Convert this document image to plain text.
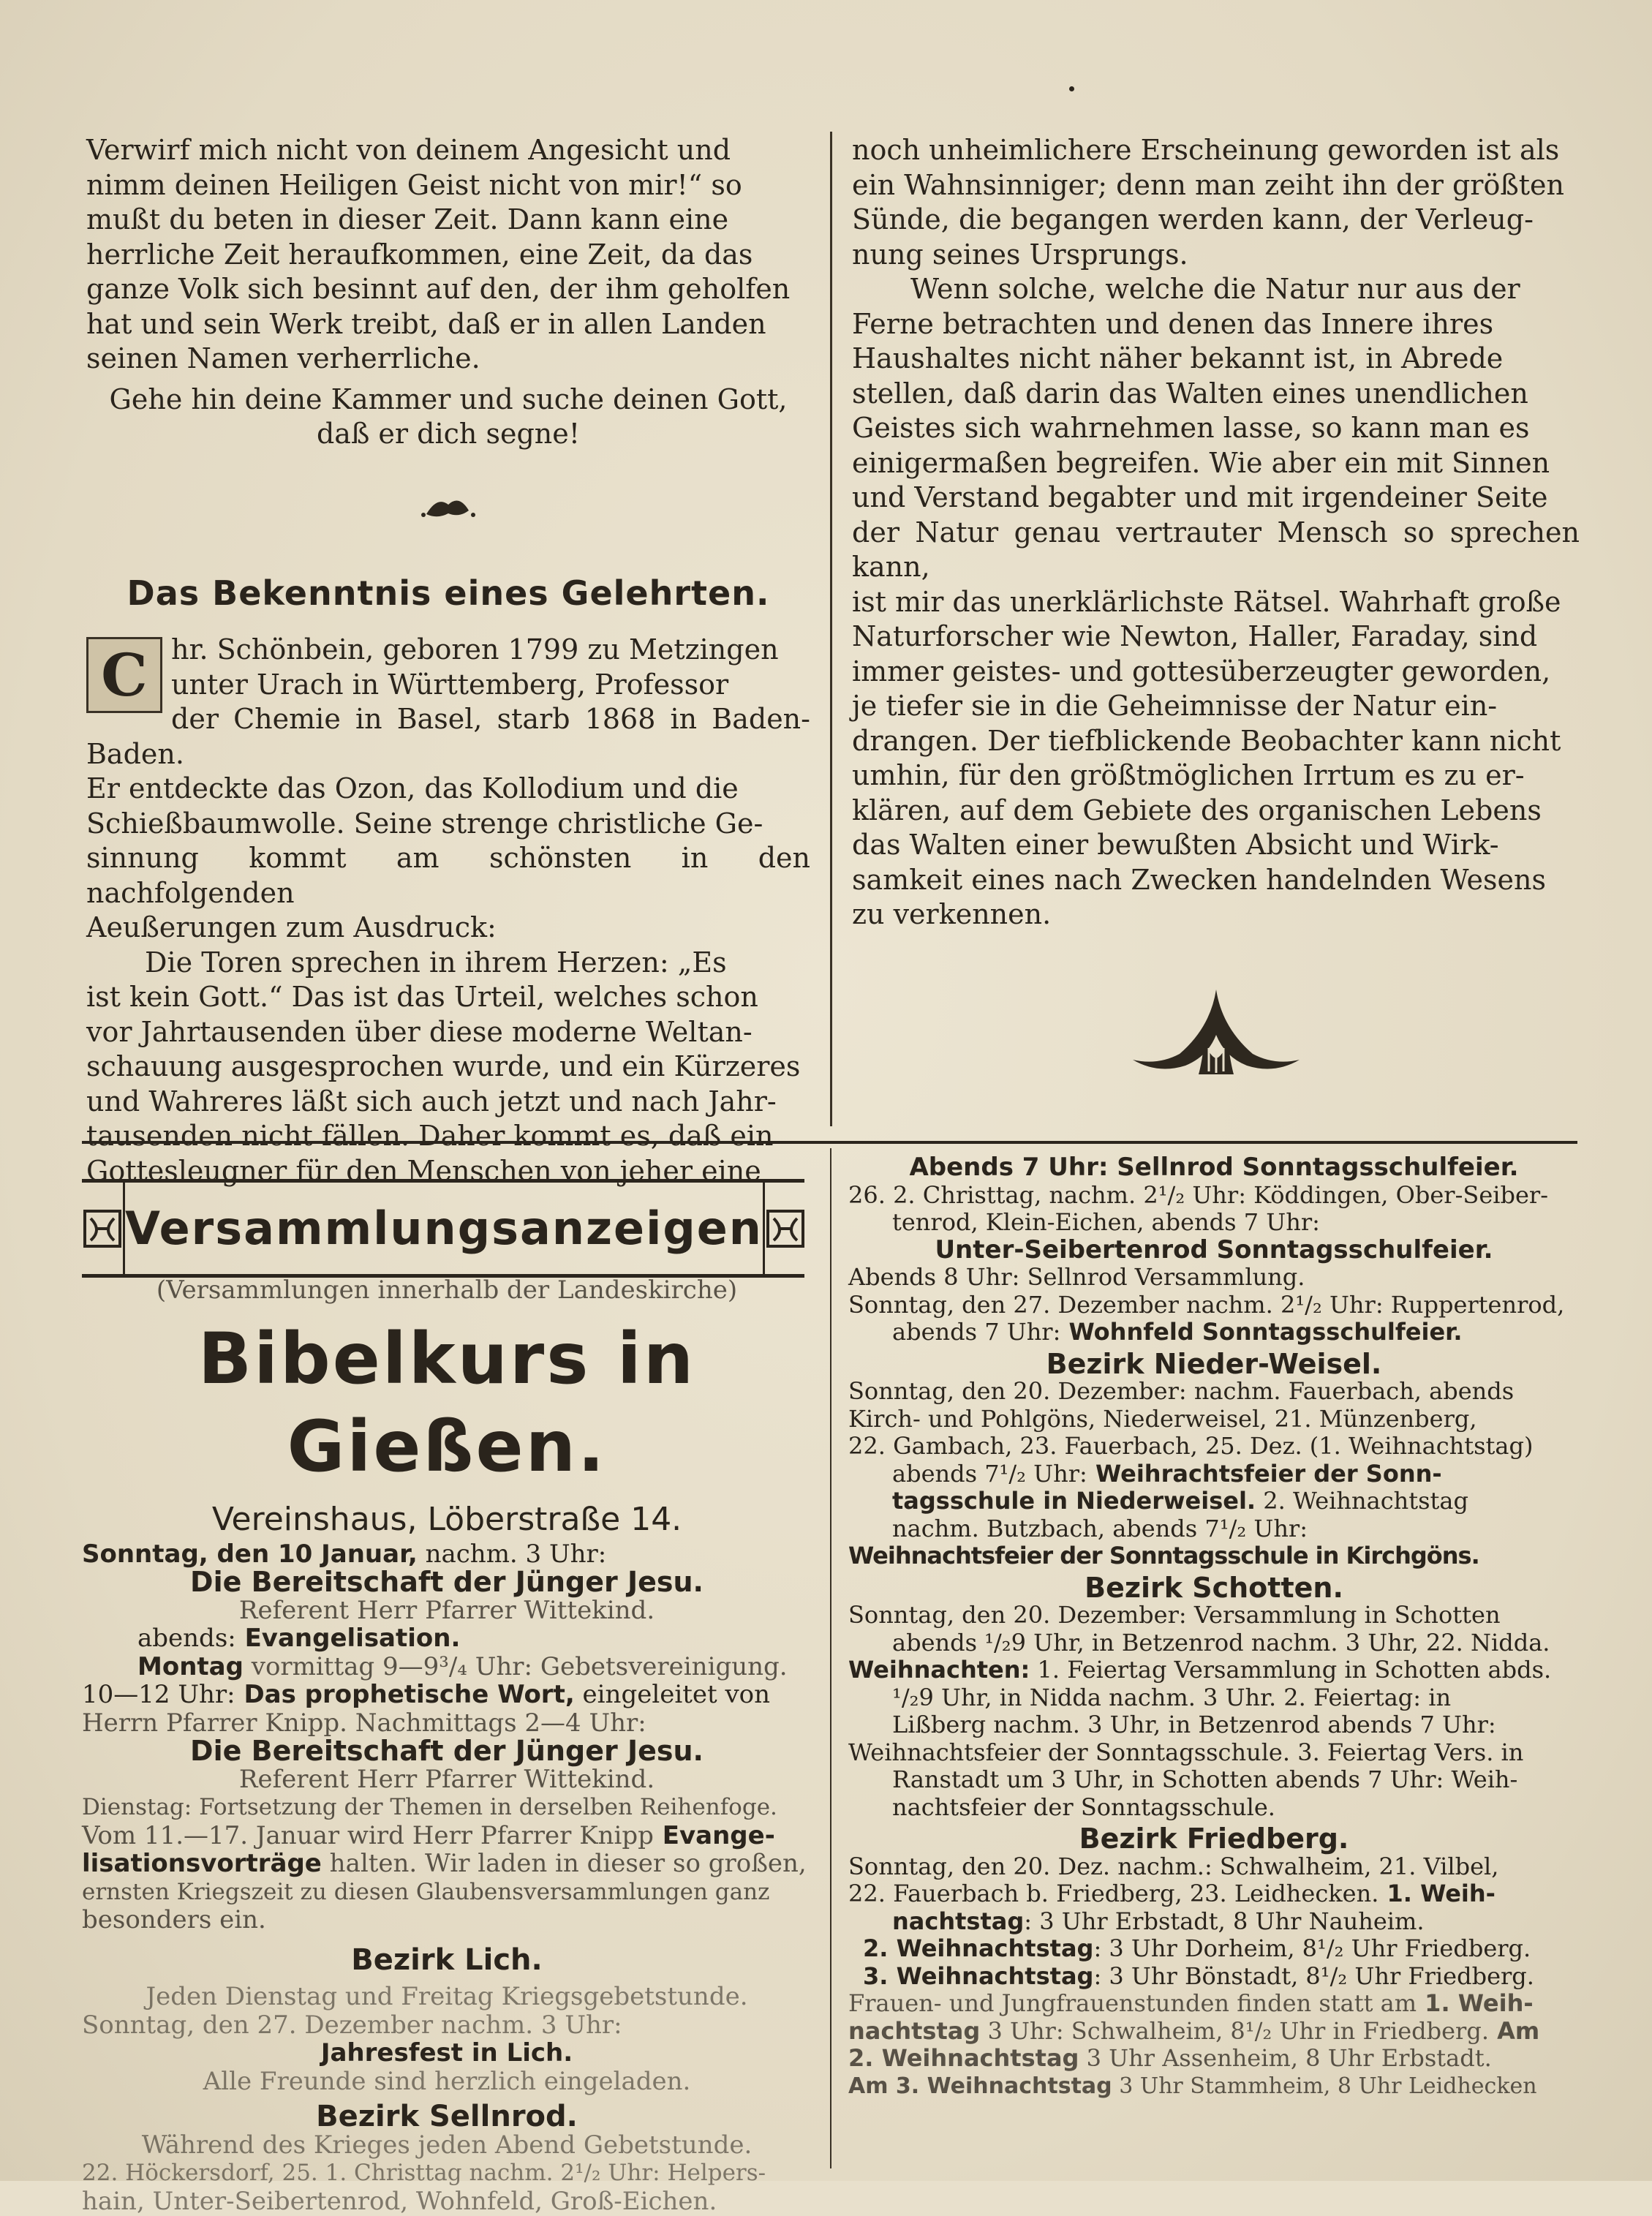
Verwirf mich nicht von deinem Angesicht und

nimm deinen Heiligen Geist nicht von mir!“ so

mußt du beten in dieser Zeit. Dann kann eine

herrliche Zeit heraufkommen, eine Zeit, da das

ganze Volk sich besinnt auf den, der ihm geholfen

hat und sein Werk treibt, daß er in allen Landen

seinen Namen verherrliche.

Gehe hin deine Kammer und suche deinen Gott,

daß er dich segne!

Das Bekenntnis eines Gelehrten.
C hr. Schönbein, geboren 1799 zu Metzingen

unter Urach in Württemberg, Professor

der Chemie in Basel, starb 1868 in Baden-Baden.

Er entdeckte das Ozon, das Kollodium und die

Schießbaumwolle. Seine strenge christliche Ge-

sinnung kommt am schönsten in den nachfolgenden

Aeußerungen zum Ausdruck:

Die Toren sprechen in ihrem Herzen: „Es

ist kein Gott.“ Das ist das Urteil, welches schon

vor Jahrtausenden über diese moderne Weltan-

schauung ausgesprochen wurde, und ein Kürzeres

und Wahreres läßt sich auch jetzt und nach Jahr-

tausenden nicht fällen. Daher kommt es, daß ein

Gottesleugner für den Menschen von jeher eine

noch unheimlichere Erscheinung geworden ist als

ein Wahnsinniger; denn man zeiht ihn der größten

Sünde, die begangen werden kann, der Verleug-

nung seines Ursprungs.

Wenn solche, welche die Natur nur aus der

Ferne betrachten und denen das Innere ihres

Haushaltes nicht näher bekannt ist, in Abrede

stellen, daß darin das Walten eines unendlichen

Geistes sich wahrnehmen lasse, so kann man es

einigermaßen begreifen. Wie aber ein mit Sinnen

und Verstand begabter und mit irgendeiner Seite

der Natur genau vertrauter Mensch so sprechen kann,

ist mir das unerklärlichste Rätsel. Wahrhaft große

Naturforscher wie Newton, Haller, Faraday, sind

immer geistes- und gottesüberzeugter geworden,

je tiefer sie in die Geheimnisse der Natur ein-

drangen. Der tiefblickende Beobachter kann nicht

umhin, für den größtmöglichen Irrtum es zu er-

klären, auf dem Gebiete des organischen Lebens

das Walten einer bewußten Absicht und Wirk-

samkeit eines nach Zwecken handelnden Wesens

zu verkennen.

Versammlungsanzeigen

(Versammlungen innerhalb der Landeskirche)

Bibelkurs in Gießen.
Vereinshaus, Löberstraße 14.

Sonntag, den 10 Januar, nachm. 3 Uhr:

Die Bereitschaft der Jünger Jesu.

Referent Herr Pfarrer Wittekind.

abends: Evangelisation.

Montag vormittag 9—9³/₄ Uhr: Gebetsvereinigung.

10—12 Uhr: Das prophetische Wort, eingeleitet von

Herrn Pfarrer Knipp. Nachmittags 2—4 Uhr:

Die Bereitschaft der Jünger Jesu.

Referent Herr Pfarrer Wittekind.

Dienstag: Fortsetzung der Themen in derselben Reihenfoge.

Vom 11.—17. Januar wird Herr Pfarrer Knipp Evange-

lisationsvorträge halten. Wir laden in dieser so großen,

ernsten Kriegszeit zu diesen Glaubensversammlungen ganz

besonders ein.

Bezirk Lich.

Jeden Dienstag und Freitag Kriegsgebetstunde.

Sonntag, den 27. Dezember nachm. 3 Uhr:

Jahresfest in Lich.

Alle Freunde sind herzlich eingeladen.

Bezirk Sellnrod.

Während des Krieges jeden Abend Gebetstunde.

22. Höckersdorf, 25. 1. Christtag nachm. 2¹/₂ Uhr: Helpers-

hain, Unter-Seibertenrod, Wohnfeld, Groß-Eichen.

Abends 7 Uhr: Sellnrod Sonntagsschulfeier.

26. 2. Christtag, nachm. 2¹/₂ Uhr: Köddingen, Ober-Seiber-

tenrod, Klein-Eichen, abends 7 Uhr:

Unter-Seibertenrod Sonntagsschulfeier.

Abends 8 Uhr: Sellnrod Versammlung.

Sonntag, den 27. Dezember nachm. 2¹/₂ Uhr: Ruppertenrod,

abends 7 Uhr: Wohnfeld Sonntagsschulfeier.

Bezirk Nieder-Weisel.

Sonntag, den 20. Dezember: nachm. Fauerbach, abends

Kirch- und Pohlgöns, Niederweisel, 21. Münzenberg,

22. Gambach, 23. Fauerbach, 25. Dez. (1. Weihnachtstag)

abends 7¹/₂ Uhr: Weihrachtsfeier der Sonn-

tagsschule in Niederweisel. 2. Weihnachtstag

nachm. Butzbach, abends 7¹/₂ Uhr:

Weihnachtsfeier der Sonntagsschule in Kirchgöns.

Bezirk Schotten.

Sonntag, den 20. Dezember: Versammlung in Schotten

abends ¹/₂9 Uhr, in Betzenrod nachm. 3 Uhr, 22. Nidda.

Weihnachten: 1. Feiertag Versammlung in Schotten abds.

¹/₂9 Uhr, in Nidda nachm. 3 Uhr. 2. Feiertag: in

Lißberg nachm. 3 Uhr, in Betzenrod abends 7 Uhr:

Weihnachtsfeier der Sonntagsschule. 3. Feiertag Vers. in

Ranstadt um 3 Uhr, in Schotten abends 7 Uhr: Weih-

nachtsfeier der Sonntagsschule.

Bezirk Friedberg.

Sonntag, den 20. Dez. nachm.: Schwalheim, 21. Vilbel,

22. Fauerbach b. Friedberg, 23. Leidhecken. 1. Weih-

nachtstag: 3 Uhr Erbstadt, 8 Uhr Nauheim.

2. Weihnachtstag: 3 Uhr Dorheim, 8¹/₂ Uhr Friedberg.

3. Weihnachtstag: 3 Uhr Bönstadt, 8¹/₂ Uhr Friedberg.

Frauen- und Jungfrauenstunden finden statt am 1. Weih-

nachtstag 3 Uhr: Schwalheim, 8¹/₂ Uhr in Friedberg. Am

2. Weihnachtstag 3 Uhr Assenheim, 8 Uhr Erbstadt.

Am 3. Weihnachtstag 3 Uhr Stammheim, 8 Uhr Leidhecken
